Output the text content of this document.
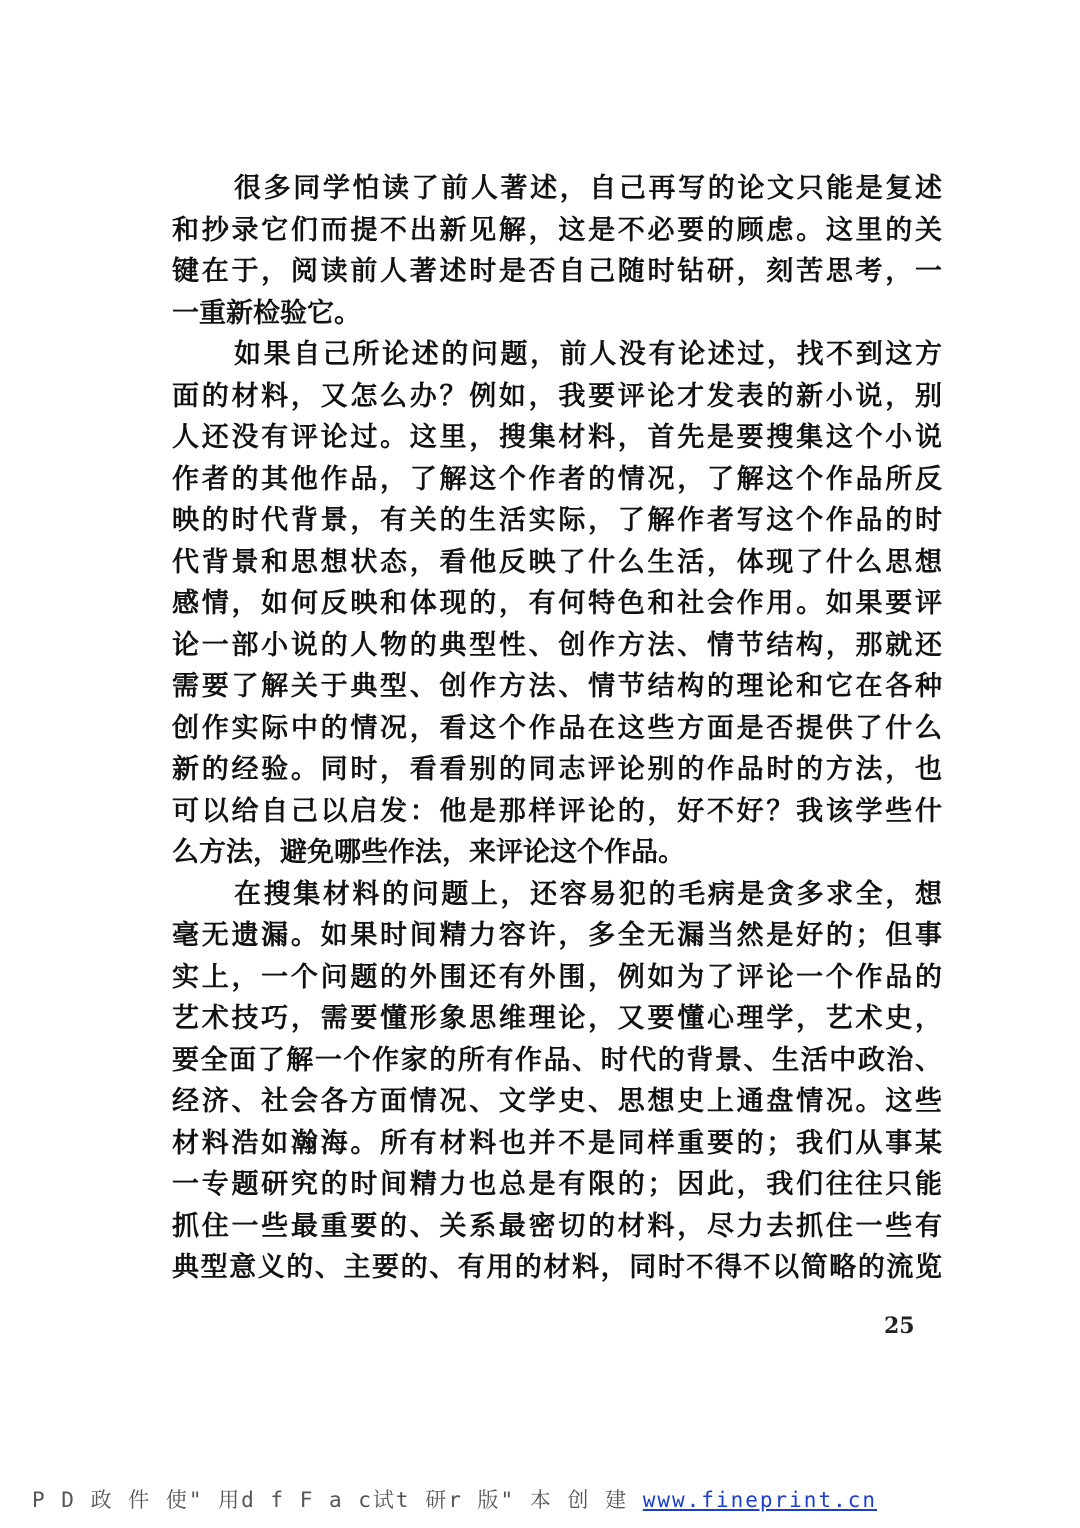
很多同学怕读了前人著述，自己再写的论文只能是复述
和抄录它们而提不出新见解，这是不必要的顾虑。这里的关
键在于，阅读前人著述时是否自己随时钻研，刻苦思考，一
一重新检验它。
如果自己所论述的问题，前人没有论述过，找不到这方
面的材料，又怎么办？例如，我要评论才发表的新小说，别
人还没有评论过。这里，搜集材料，首先是要搜集这个小说
作者的其他作品，了解这个作者的情况，了解这个作品所反
映的时代背景，有关的生活实际，了解作者写这个作品的时
代背景和思想状态，看他反映了什么生活，体现了什么思想
感情，如何反映和体现的，有何特色和社会作用。如果要评
论一部小说的人物的典型性、创作方法、情节结构，那就还
需要了解关于典型、创作方法、情节结构的理论和它在各种
创作实际中的情况，看这个作品在这些方面是否提供了什么
新的经验。同时，看看别的同志评论别的作品时的方法，也
可以给自己以启发：他是那样评论的，好不好？我该学些什
么方法，避免哪些作法，来评论这个作品。
在搜集材料的问题上，还容易犯的毛病是贪多求全，想
毫无遗漏。如果时间精力容许，多全无漏当然是好的；但事
实上，一个问题的外围还有外围，例如为了评论一个作品的
艺术技巧，需要懂形象思维理论，又要懂心理学，艺术史，
要全面了解一个作家的所有作品、时代的背景、生活中政治、
经济、社会各方面情况、文学史、思想史上通盘情况。这些
材料浩如瀚海。所有材料也并不是同样重要的；我们从事某
一专题研究的时间精力也总是有限的；因此，我们往往只能
抓住一些最重要的、关系最密切的材料，尽力去抓住一些有
典型意义的、主要的、有用的材料，同时不得不以简略的流览
25
P D 政 件 使" 用d f F a c试t 研r 版" 本 创 建 www.fineprint.cn
